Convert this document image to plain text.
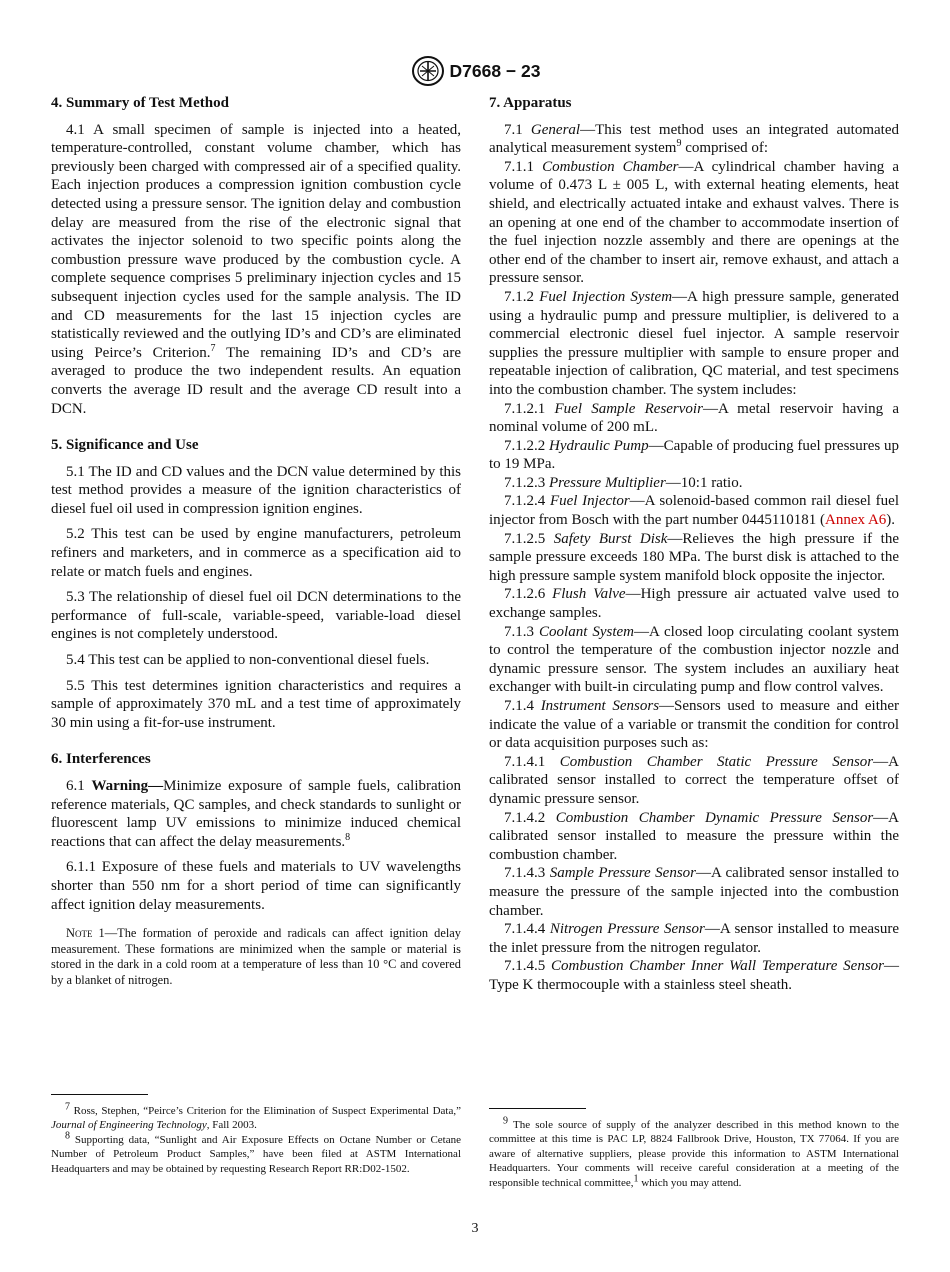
D7668 − 23
4. Summary of Test Method

4.1 A small specimen of sample is injected into a heated, temperature-controlled, constant volume chamber, which has previously been charged with compressed air of a specified quality. Each injection produces a compression ignition combustion cycle detected using a pressure sensor. The ignition delay and combustion delay are measured from the rise of the electronic signal that activates the injector solenoid to two specific points along the combustion pressure wave produced by the combustion cycle. A complete sequence comprises 5 preliminary injection cycles and 15 subsequent injection cycles used for the sample analysis. The ID and CD measurements for the last 15 injection cycles are statistically reviewed and the outlying ID’s and CD’s are eliminated using Peirce’s Criterion.$^7$ The remaining ID’s and CD’s are averaged to produce the two independent results. An equation converts the average ID result and the average CD result into a DCN.

5. Significance and Use

5.1 The ID and CD values and the DCN value determined by this test method provides a measure of the ignition characteristics of diesel fuel oil used in compression ignition engines.

5.2 This test can be used by engine manufacturers, petroleum refiners and marketers, and in commerce as a specification aid to relate or match fuels and engines.

5.3 The relationship of diesel fuel oil DCN determinations to the performance of full-scale, variable-speed, variable-load diesel engines is not completely understood.

5.4 This test can be applied to non-conventional diesel fuels.

5.5 This test determines ignition characteristics and requires a sample of approximately 370 mL and a test time of approximately 30 min using a fit-for-use instrument.

6. Interferences

6.1 Warning—Minimize exposure of sample fuels, calibration reference materials, QC samples, and check standards to sunlight or fluorescent lamp UV emissions to minimize induced chemical reactions that can affect the delay measurements.$^8$

6.1.1 Exposure of these fuels and materials to UV wavelengths shorter than 550 nm for a short period of time can significantly affect ignition delay measurements.

Note 1—The formation of peroxide and radicals can affect ignition delay measurement. These formations are minimized when the sample or material is stored in the dark in a cold room at a temperature of less than 10 °C and covered by a blanket of nitrogen.

$^7$ Ross, Stephen, “Peirce’s Criterion for the Elimination of Suspect Experimental Data,” Journal of Engineering Technology, Fall 2003.

$^8$ Supporting data, “Sunlight and Air Exposure Effects on Octane Number or Cetane Number of Petroleum Product Samples,” have been filed at ASTM International Headquarters and may be obtained by requesting Research Report RR:D02-1502.

7. Apparatus

7.1 General—This test method uses an integrated automated analytical measurement system$^9$ comprised of:

7.1.1 Combustion Chamber—A cylindrical chamber having a volume of 0.473 L ± 005 L, with external heating elements, heat shield, and electrically actuated intake and exhaust valves. There is an opening at one end of the chamber to accommodate insertion of the fuel injection nozzle assembly and there are openings at the other end of the chamber to insert air, remove exhaust, and attach a pressure sensor.

7.1.2 Fuel Injection System—A high pressure sample, generated using a hydraulic pump and pressure multiplier, is delivered to a commercial electronic diesel fuel injector. A sample reservoir supplies the pressure multiplier with sample to ensure proper and repeatable injection of calibration, QC material, and test specimens into the combustion chamber. The system includes:

7.1.2.1 Fuel Sample Reservoir—A metal reservoir having a nominal volume of 200 mL.

7.1.2.2 Hydraulic Pump—Capable of producing fuel pressures up to 19 MPa.

7.1.2.3 Pressure Multiplier—10:1 ratio.

7.1.2.4 Fuel Injector—A solenoid-based common rail diesel fuel injector from Bosch with the part number 0445110181 (Annex A6).

7.1.2.5 Safety Burst Disk—Relieves the high pressure if the sample pressure exceeds 180 MPa. The burst disk is attached to the high pressure sample system manifold block opposite the injector.

7.1.2.6 Flush Valve—High pressure air actuated valve used to exchange samples.

7.1.3 Coolant System—A closed loop circulating coolant system to control the temperature of the combustion injector nozzle and dynamic pressure sensor. The system includes an auxiliary heat exchanger with built-in circulating pump and flow control valves.

7.1.4 Instrument Sensors—Sensors used to measure and either indicate the value of a variable or transmit the condition for control or data acquisition purposes such as:

7.1.4.1 Combustion Chamber Static Pressure Sensor—A calibrated sensor installed to correct the temperature offset of dynamic pressure sensor.

7.1.4.2 Combustion Chamber Dynamic Pressure Sensor—A calibrated sensor installed to measure the pressure within the combustion chamber.

7.1.4.3 Sample Pressure Sensor—A calibrated sensor installed to measure the pressure of the sample injected into the combustion chamber.

7.1.4.4 Nitrogen Pressure Sensor—A sensor installed to measure the inlet pressure from the nitrogen regulator.

7.1.4.5 Combustion Chamber Inner Wall Temperature Sensor—Type K thermocouple with a stainless steel sheath.

$^9$ The sole source of supply of the analyzer described in this method known to the committee at this time is PAC LP, 8824 Fallbrook Drive, Houston, TX 77064. If you are aware of alternative suppliers, please provide this information to ASTM International Headquarters. Your comments will receive careful consideration at a meeting of the responsible technical committee,$^1$ which you may attend.

3
